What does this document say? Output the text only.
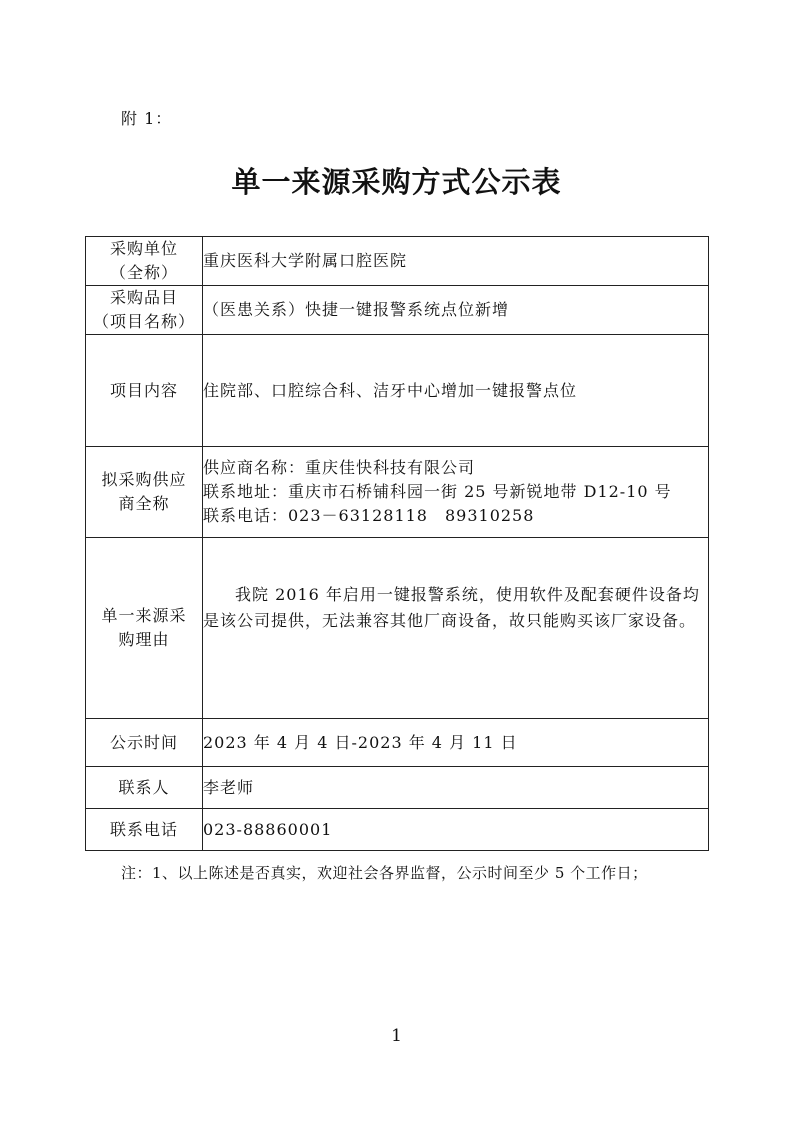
附 1：
单一来源采购方式公示表
采购单位
（全称）	重庆医科大学附属口腔医院

采购品目
（项目名称）	（医患关系）快捷一键报警系统点位新增
项目内容	住院部、口腔综合科、洁牙中心增加一键报警点位

拟采购供应
商全称	供应商名称：重庆佳快科技有限公司
联系地址：重庆市石桥铺科园一街 25 号新锐地带 D12-10 号
联系电话：023－63128118　89310258

单一来源采
购理由	我院 2016 年启用一键报警系统，使用软件及配套硬件设备均是该公司提供，无法兼容其他厂商设备，故只能购买该厂家设备。

公示时间	2023 年 4 月 4 日-2023 年 4 月 11 日
联系人	李老师
联系电话	023-88860001
注：1、以上陈述是否真实，欢迎社会各界监督，公示时间至少 5 个工作日；
1
